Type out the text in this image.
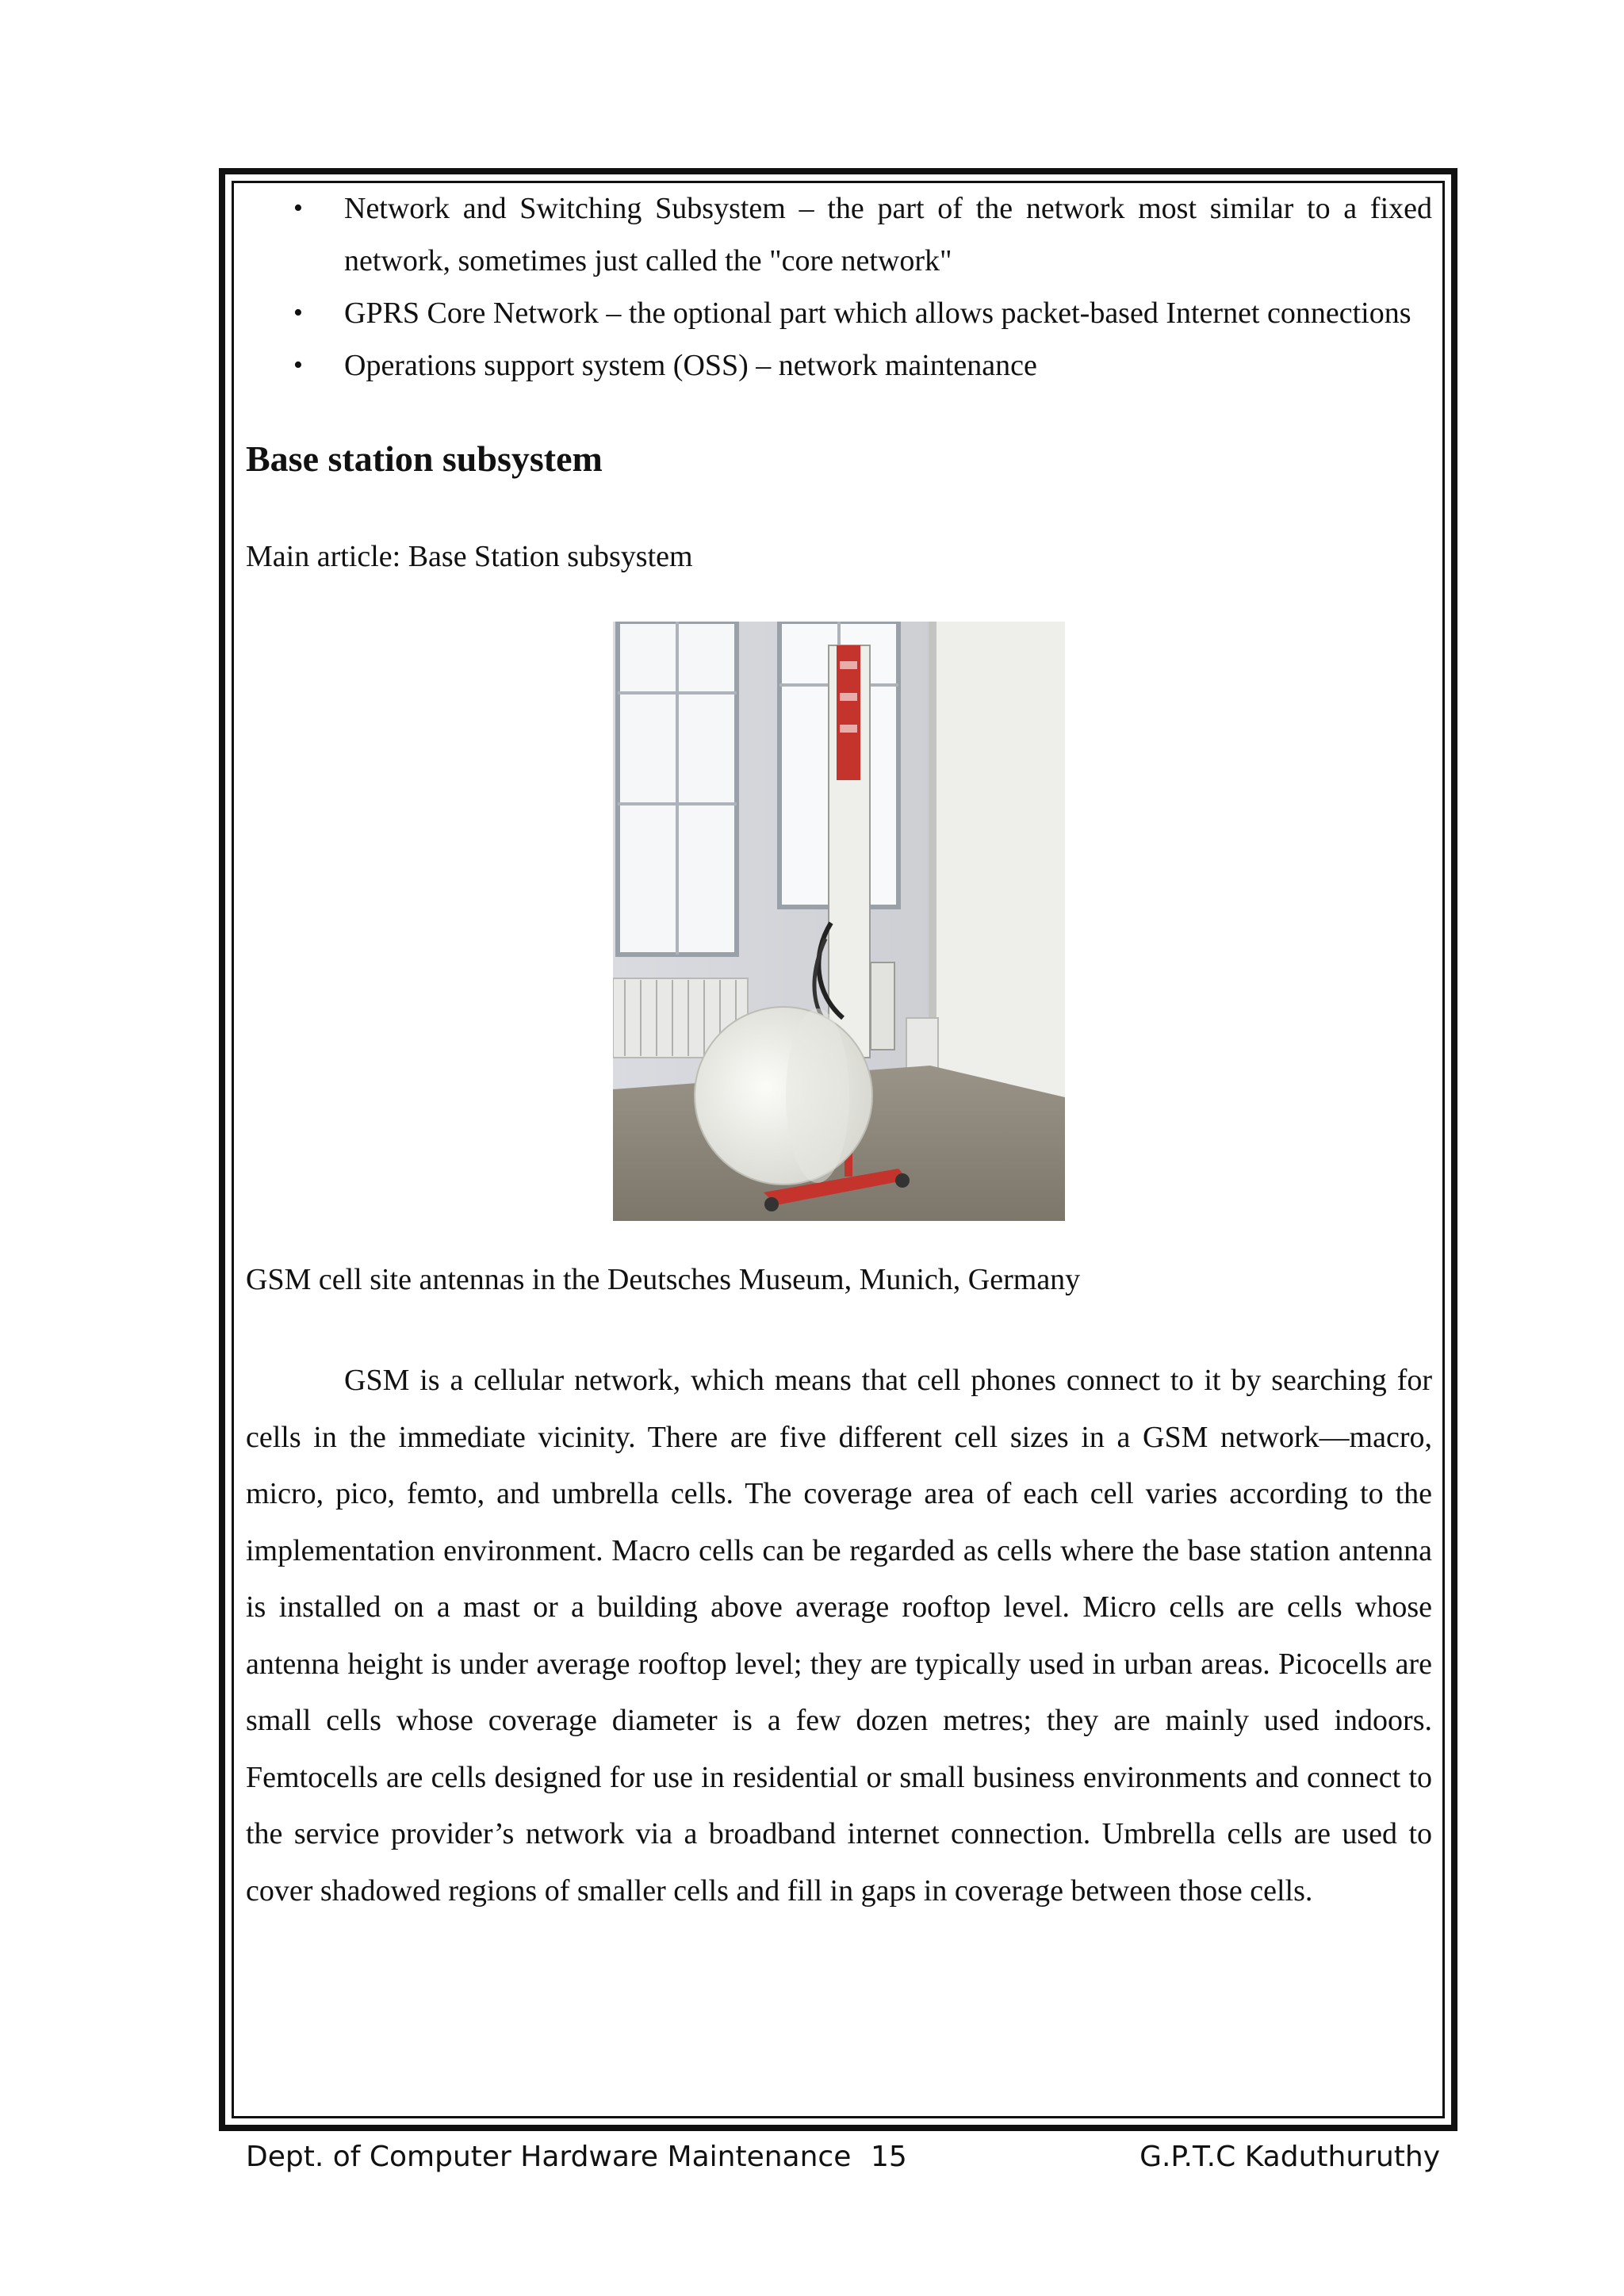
• Network and Switching Subsystem – the part of the network most similar to a fixed network, sometimes just called the "core network"
• GPRS Core Network – the optional part which allows packet-based Internet connections
• Operations support system (OSS) – network maintenance
Base station subsystem
Main article: Base Station subsystem
GSM cell site antennas in the Deutsches Museum, Munich, Germany

GSM is a cellular network, which means that cell phones connect to it by searching for cells in the immediate vicinity. There are five different cell sizes in a GSM network—macro, micro, pico, femto, and umbrella cells. The coverage area of each cell varies according to the implementation environment. Macro cells can be regarded as cells where the base station antenna is installed on a mast or a building above average rooftop level. Micro cells are cells whose antenna height is under average rooftop level; they are typically used in urban areas. Picocells are small cells whose coverage diameter is a few dozen metres; they are mainly used indoors. Femtocells are cells designed for use in residential or small business environments and connect to the service provider’s network via a broadband internet connection. Umbrella cells are used to cover shadowed regions of smaller cells and fill in gaps in coverage between those cells.

Dept. of Computer Hardware Maintenance 15	G.P.T.C Kaduthuruthy
